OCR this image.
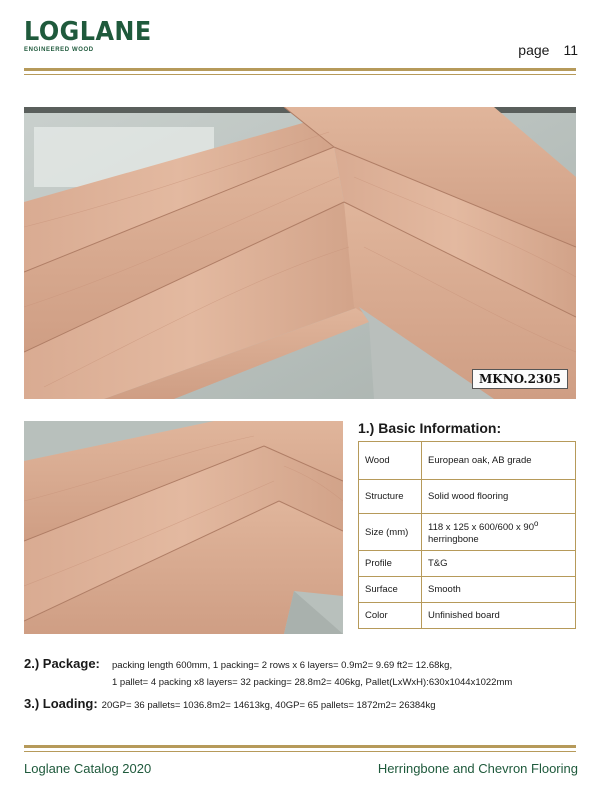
LOGLANE
ENGINEERED WOOD	page 11
MKNO.2305
1.) Basic Information:
Wood	European oak, AB grade
Structure	Solid wood flooring
Size (mm)	118 x 125 x 600/600 x 90$^o$
herringbone
Profile	T&G
Surface	Smooth
Color	Unfinished board
2.) Package: packing length 600mm, 1 packing= 2 rows x 6 layers= 0.9m2= 9.69 ft2= 12.68kg,
1 pallet= 4 packing x8 layers= 32 packing= 28.8m2= 406kg, Pallet(LxWxH):630x1044x1022mm
3.) Loading: 20GP= 36 pallets= 1036.8m2= 14613kg, 40GP= 65 pallets= 1872m2= 26384kg
Loglane Catalog 2020	Herringbone and Chevron Flooring
